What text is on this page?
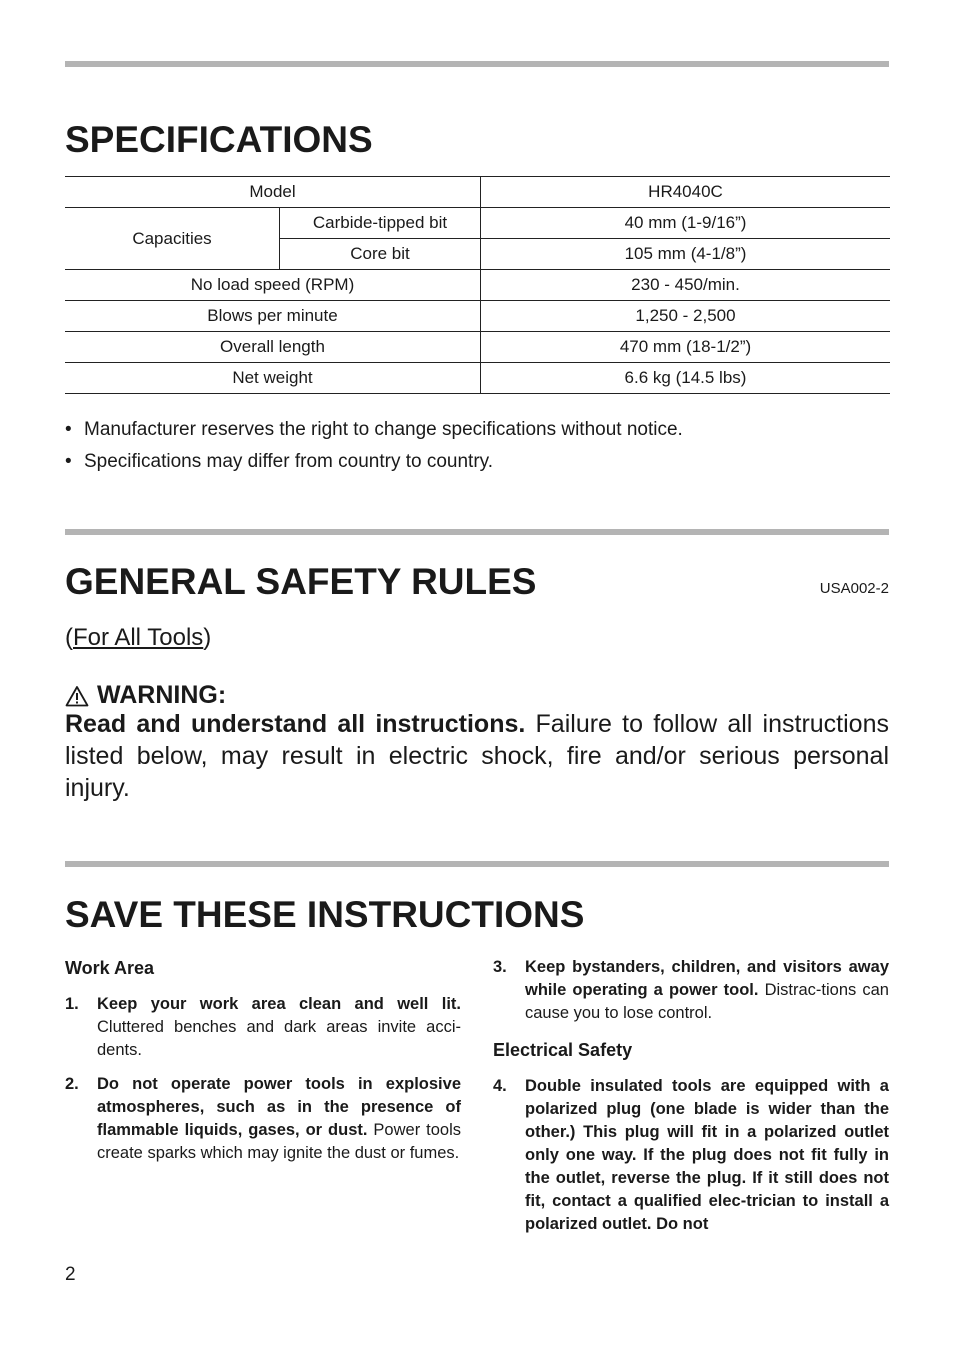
SPECIFICATIONS
Model		HR4040C
Capacities	Carbide-tipped bit	40 mm (1-9/16”)
	Core bit	105 mm (4-1/8”)
No load speed (RPM)		230 - 450/min.
Blows per minute		1,250 - 2,500
Overall length		470 mm (18-1/2”)
Net weight		6.6 kg (14.5 lbs)
• Manufacturer reserves the right to change specifications without notice.
• Specifications may differ from country to country.
GENERAL SAFETY RULES	USA002-2
(For All Tools)
WARNING:

Read and understand all instructions. Failure to follow all instructions listed below, may result in electric shock, fire and/or serious personal injury.

SAVE THESE INSTRUCTIONS
Work Area
1.	Keep your work area clean and well lit. Cluttered benches and dark areas invite acci-dents.
2.	Do not operate power tools in explosive atmospheres, such as in the presence of flammable liquids, gases, or dust. Power tools create sparks which may ignite the dust or fumes.
3.	Keep bystanders, children, and visitors away while operating a power tool. Distrac-tions can cause you to lose control.
Electrical Safety
4.	Double insulated tools are equipped with a polarized plug (one blade is wider than the other.) This plug will fit in a polarized outlet only one way. If the plug does not fit fully in the outlet, reverse the plug. If it still does not fit, contact a qualified elec-trician to install a polarized outlet. Do not
2
